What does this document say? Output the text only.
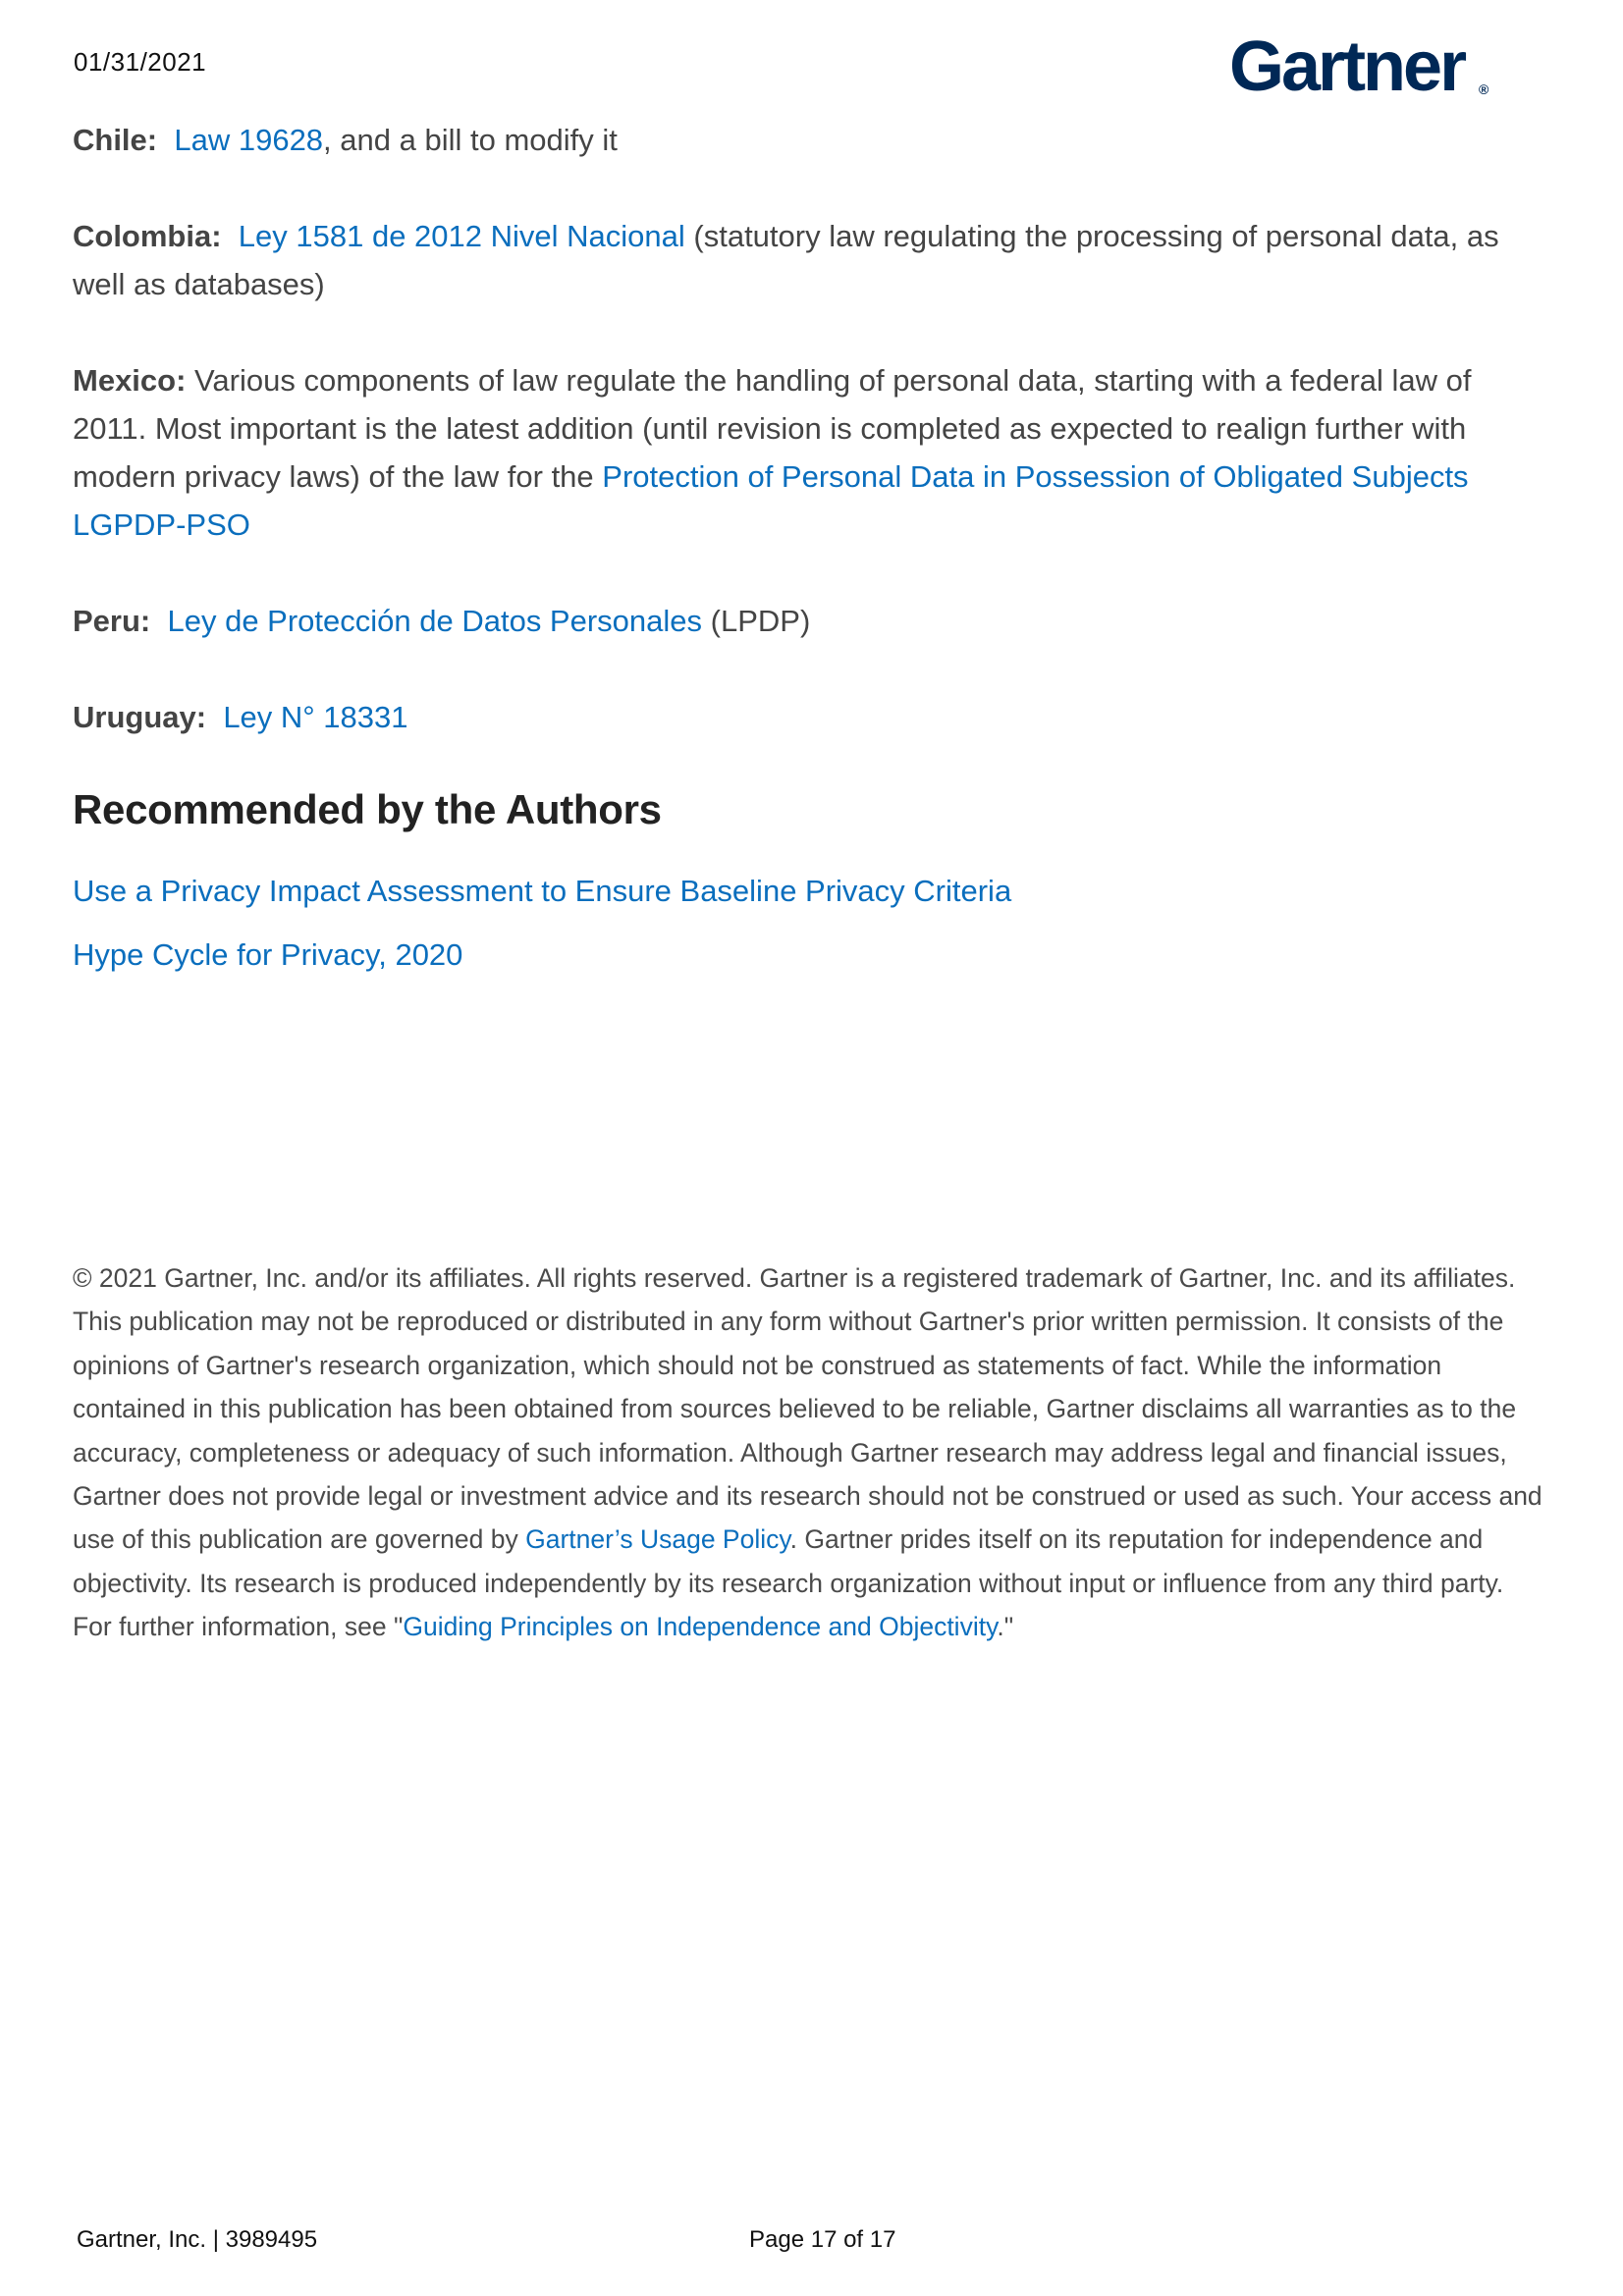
01/31/2021	Gartner ®

Chile: Law 19628, and a bill to modify it

Colombia: Ley 1581 de 2012 Nivel Nacional (statutory law regulating the processing of personal data, as well as databases)

Mexico: Various components of law regulate the handling of personal data, starting with a federal law of 2011. Most important is the latest addition (until revision is completed as expected to realign further with modern privacy laws) of the law for the Protection of Personal Data in Possession of Obligated Subjects LGPDP-PSO

Peru: Ley de Protección de Datos Personales (LPDP)

Uruguay: Ley N° 18331

Recommended by the Authors
Use a Privacy Impact Assessment to Ensure Baseline Privacy Criteria
Hype Cycle for Privacy, 2020

© 2021 Gartner, Inc. and/or its affiliates. All rights reserved. Gartner is a registered trademark of Gartner, Inc. and its affiliates. This publication may not be reproduced or distributed in any form without Gartner's prior written permission. It consists of the opinions of Gartner's research organization, which should not be construed as statements of fact. While the information contained in this publication has been obtained from sources believed to be reliable, Gartner disclaims all warranties as to the accuracy, completeness or adequacy of such information. Although Gartner research may address legal and financial issues, Gartner does not provide legal or investment advice and its research should not be construed or used as such. Your access and use of this publication are governed by Gartner’s Usage Policy. Gartner prides itself on its reputation for independence and objectivity. Its research is produced independently by its research organization without input or influence from any third party. For further information, see "Guiding Principles on Independence and Objectivity."

Gartner, Inc. | 3989495	Page 17 of 17
